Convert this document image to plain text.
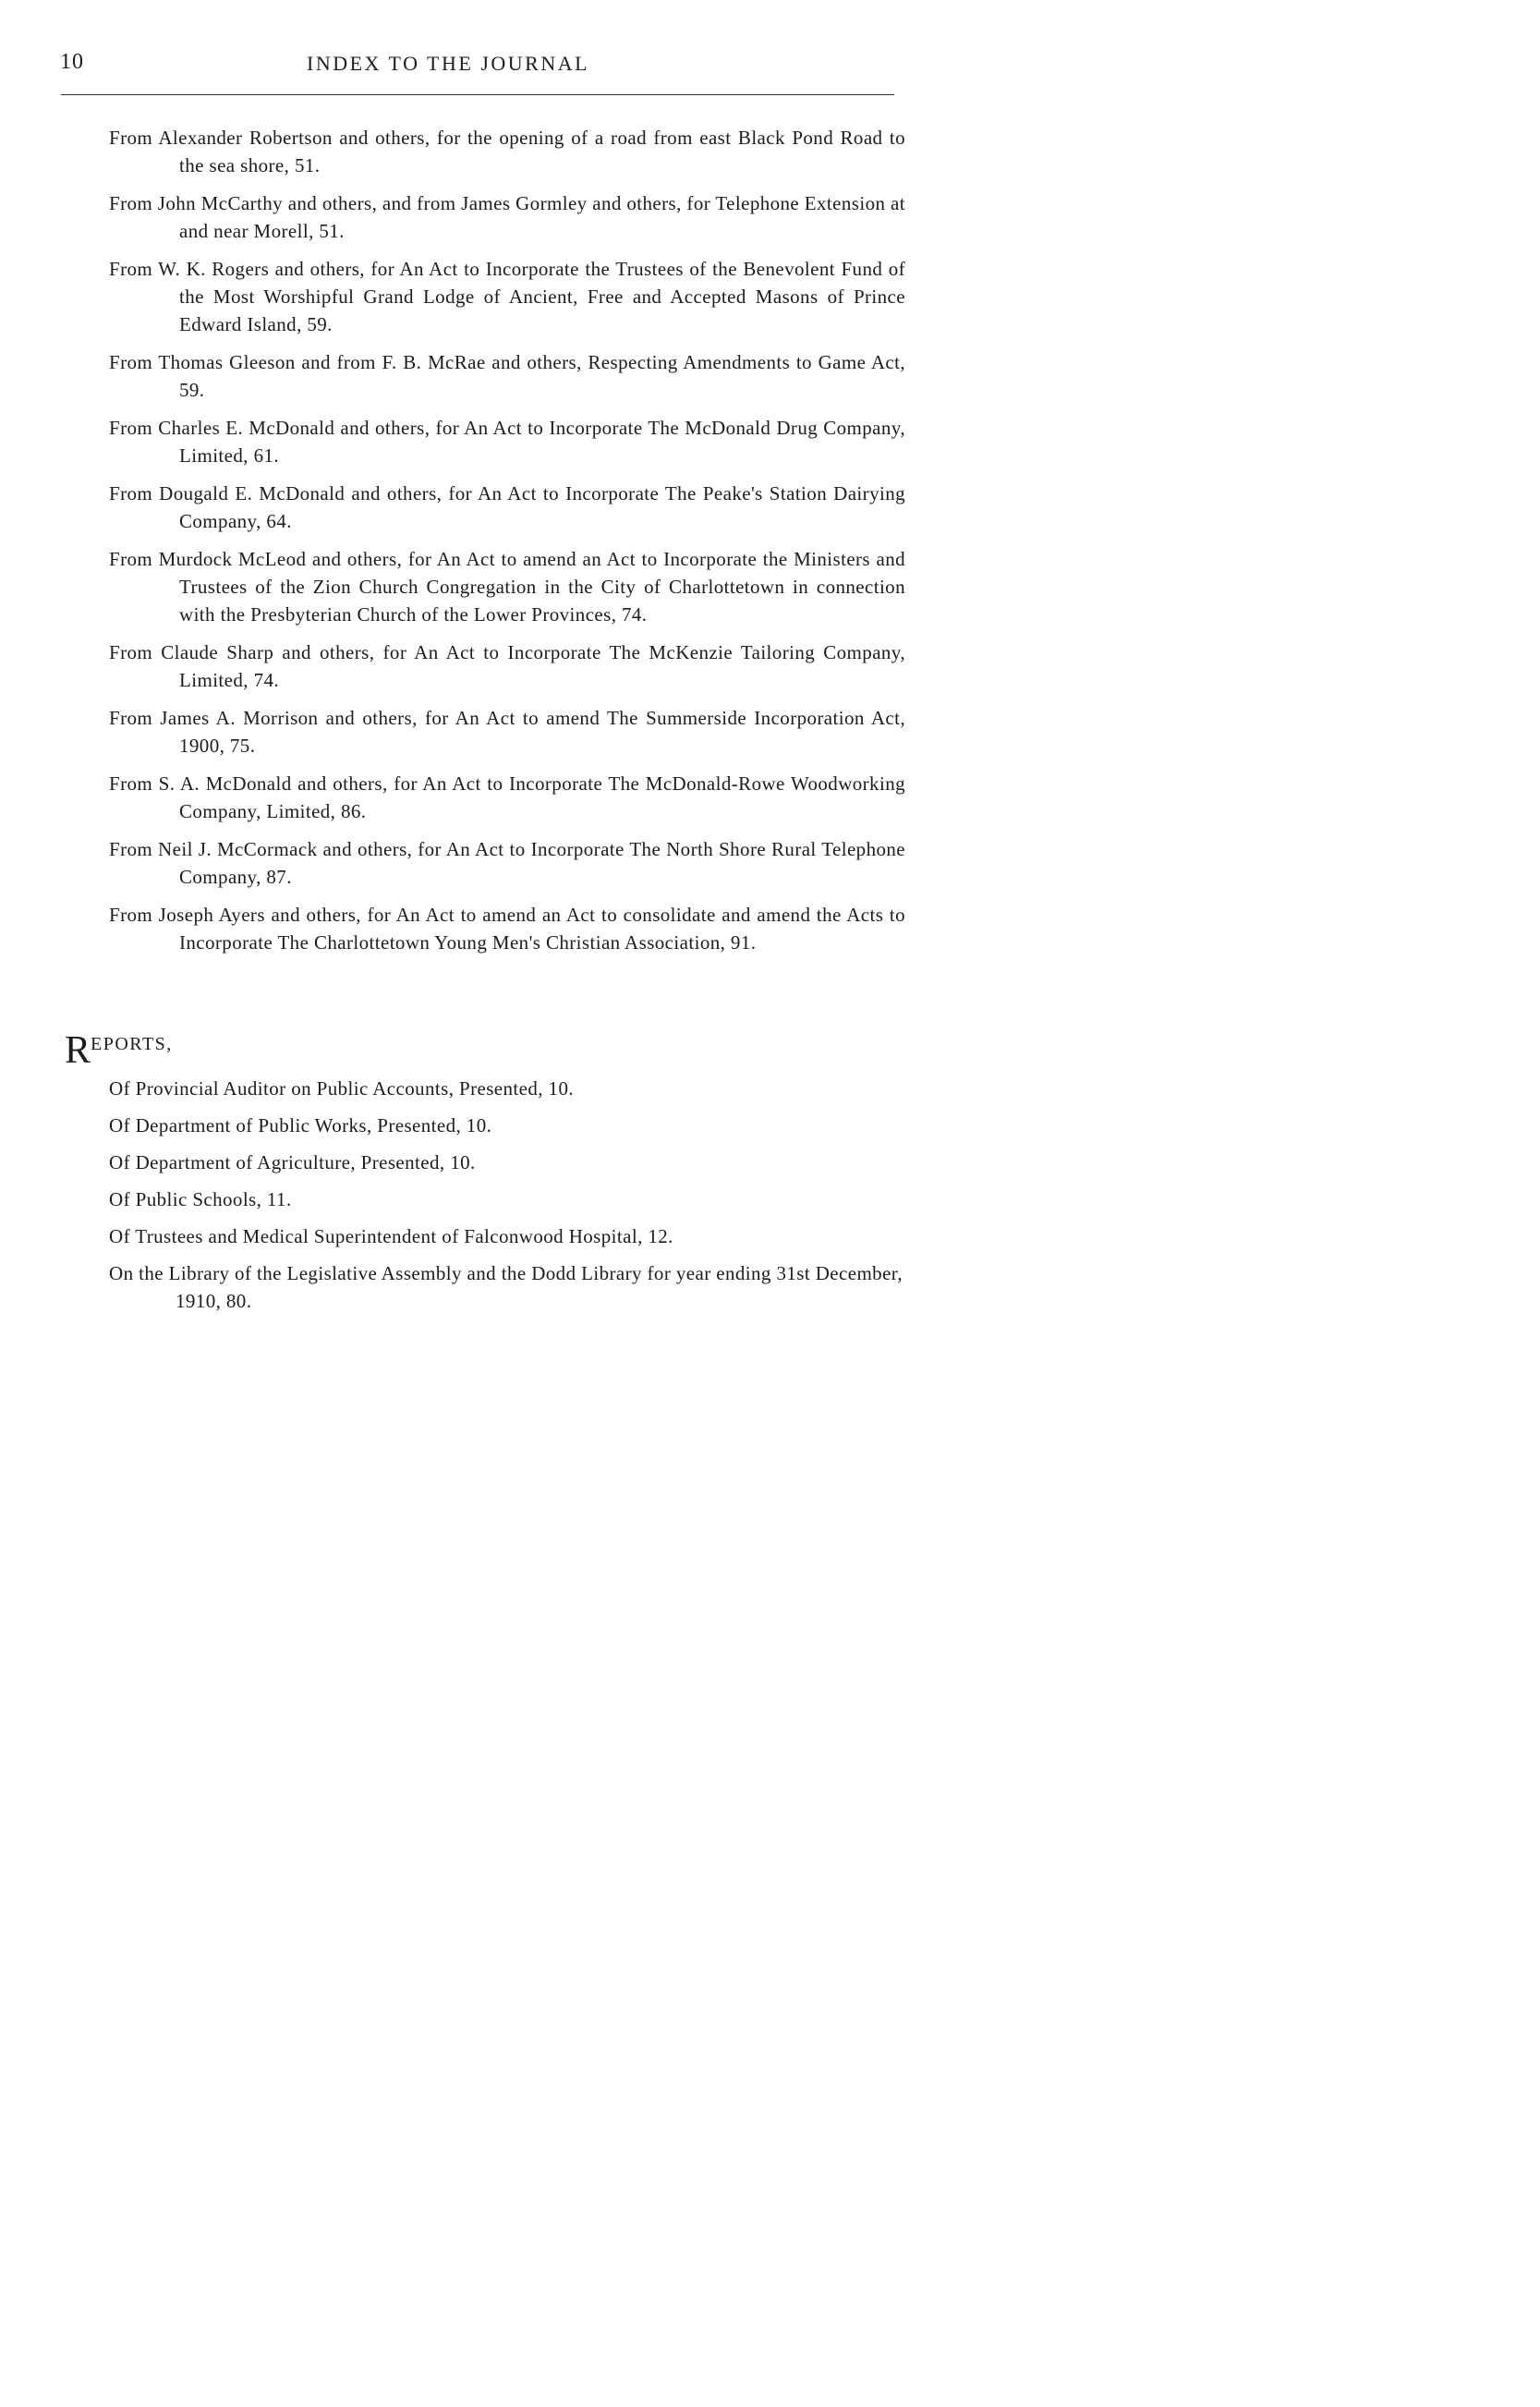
10	INDEX TO THE JOURNAL
From Alexander Robertson and others, for the opening of a road from east Black Pond Road to the sea shore, 51.
From John McCarthy and others, and from James Gormley and others, for Telephone Extension at and near Morell, 51.
From W. K. Rogers and others, for An Act to Incorporate the Trustees of the Benevolent Fund of the Most Worshipful Grand Lodge of Ancient, Free and Accepted Masons of Prince Edward Island, 59.
From Thomas Gleeson and from F. B. McRae and others, Respecting Amendments to Game Act, 59.
From Charles E. McDonald and others, for An Act to Incorporate The McDonald Drug Company, Limited, 61.
From Dougald E. McDonald and others, for An Act to Incorporate The Peake's Station Dairying Company, 64.
From Murdock McLeod and others, for An Act to amend an Act to Incorporate the Ministers and Trustees of the Zion Church Congregation in the City of Charlottetown in connection with the Presbyterian Church of the Lower Provinces, 74.
From Claude Sharp and others, for An Act to Incorporate The McKenzie Tailoring Company, Limited, 74.
From James A. Morrison and others, for An Act to amend The Summerside Incorporation Act, 1900, 75.
From S. A. McDonald and others, for An Act to Incorporate The McDonald-Rowe Woodworking Company, Limited, 86.
From Neil J. McCormack and others, for An Act to Incorporate The North Shore Rural Telephone Company, 87.
From Joseph Ayers and others, for An Act to amend an Act to consolidate and amend the Acts to Incorporate The Charlottetown Young Men's Christian Association, 91.
REPORTS,
Of Provincial Auditor on Public Accounts, Presented, 10.
Of Department of Public Works, Presented, 10.
Of Department of Agriculture, Presented, 10.
Of Public Schools, 11.
Of Trustees and Medical Superintendent of Falconwood Hospital, 12.
On the Library of the Legislative Assembly and the Dodd Library for year ending 31st December, 1910, 80.
